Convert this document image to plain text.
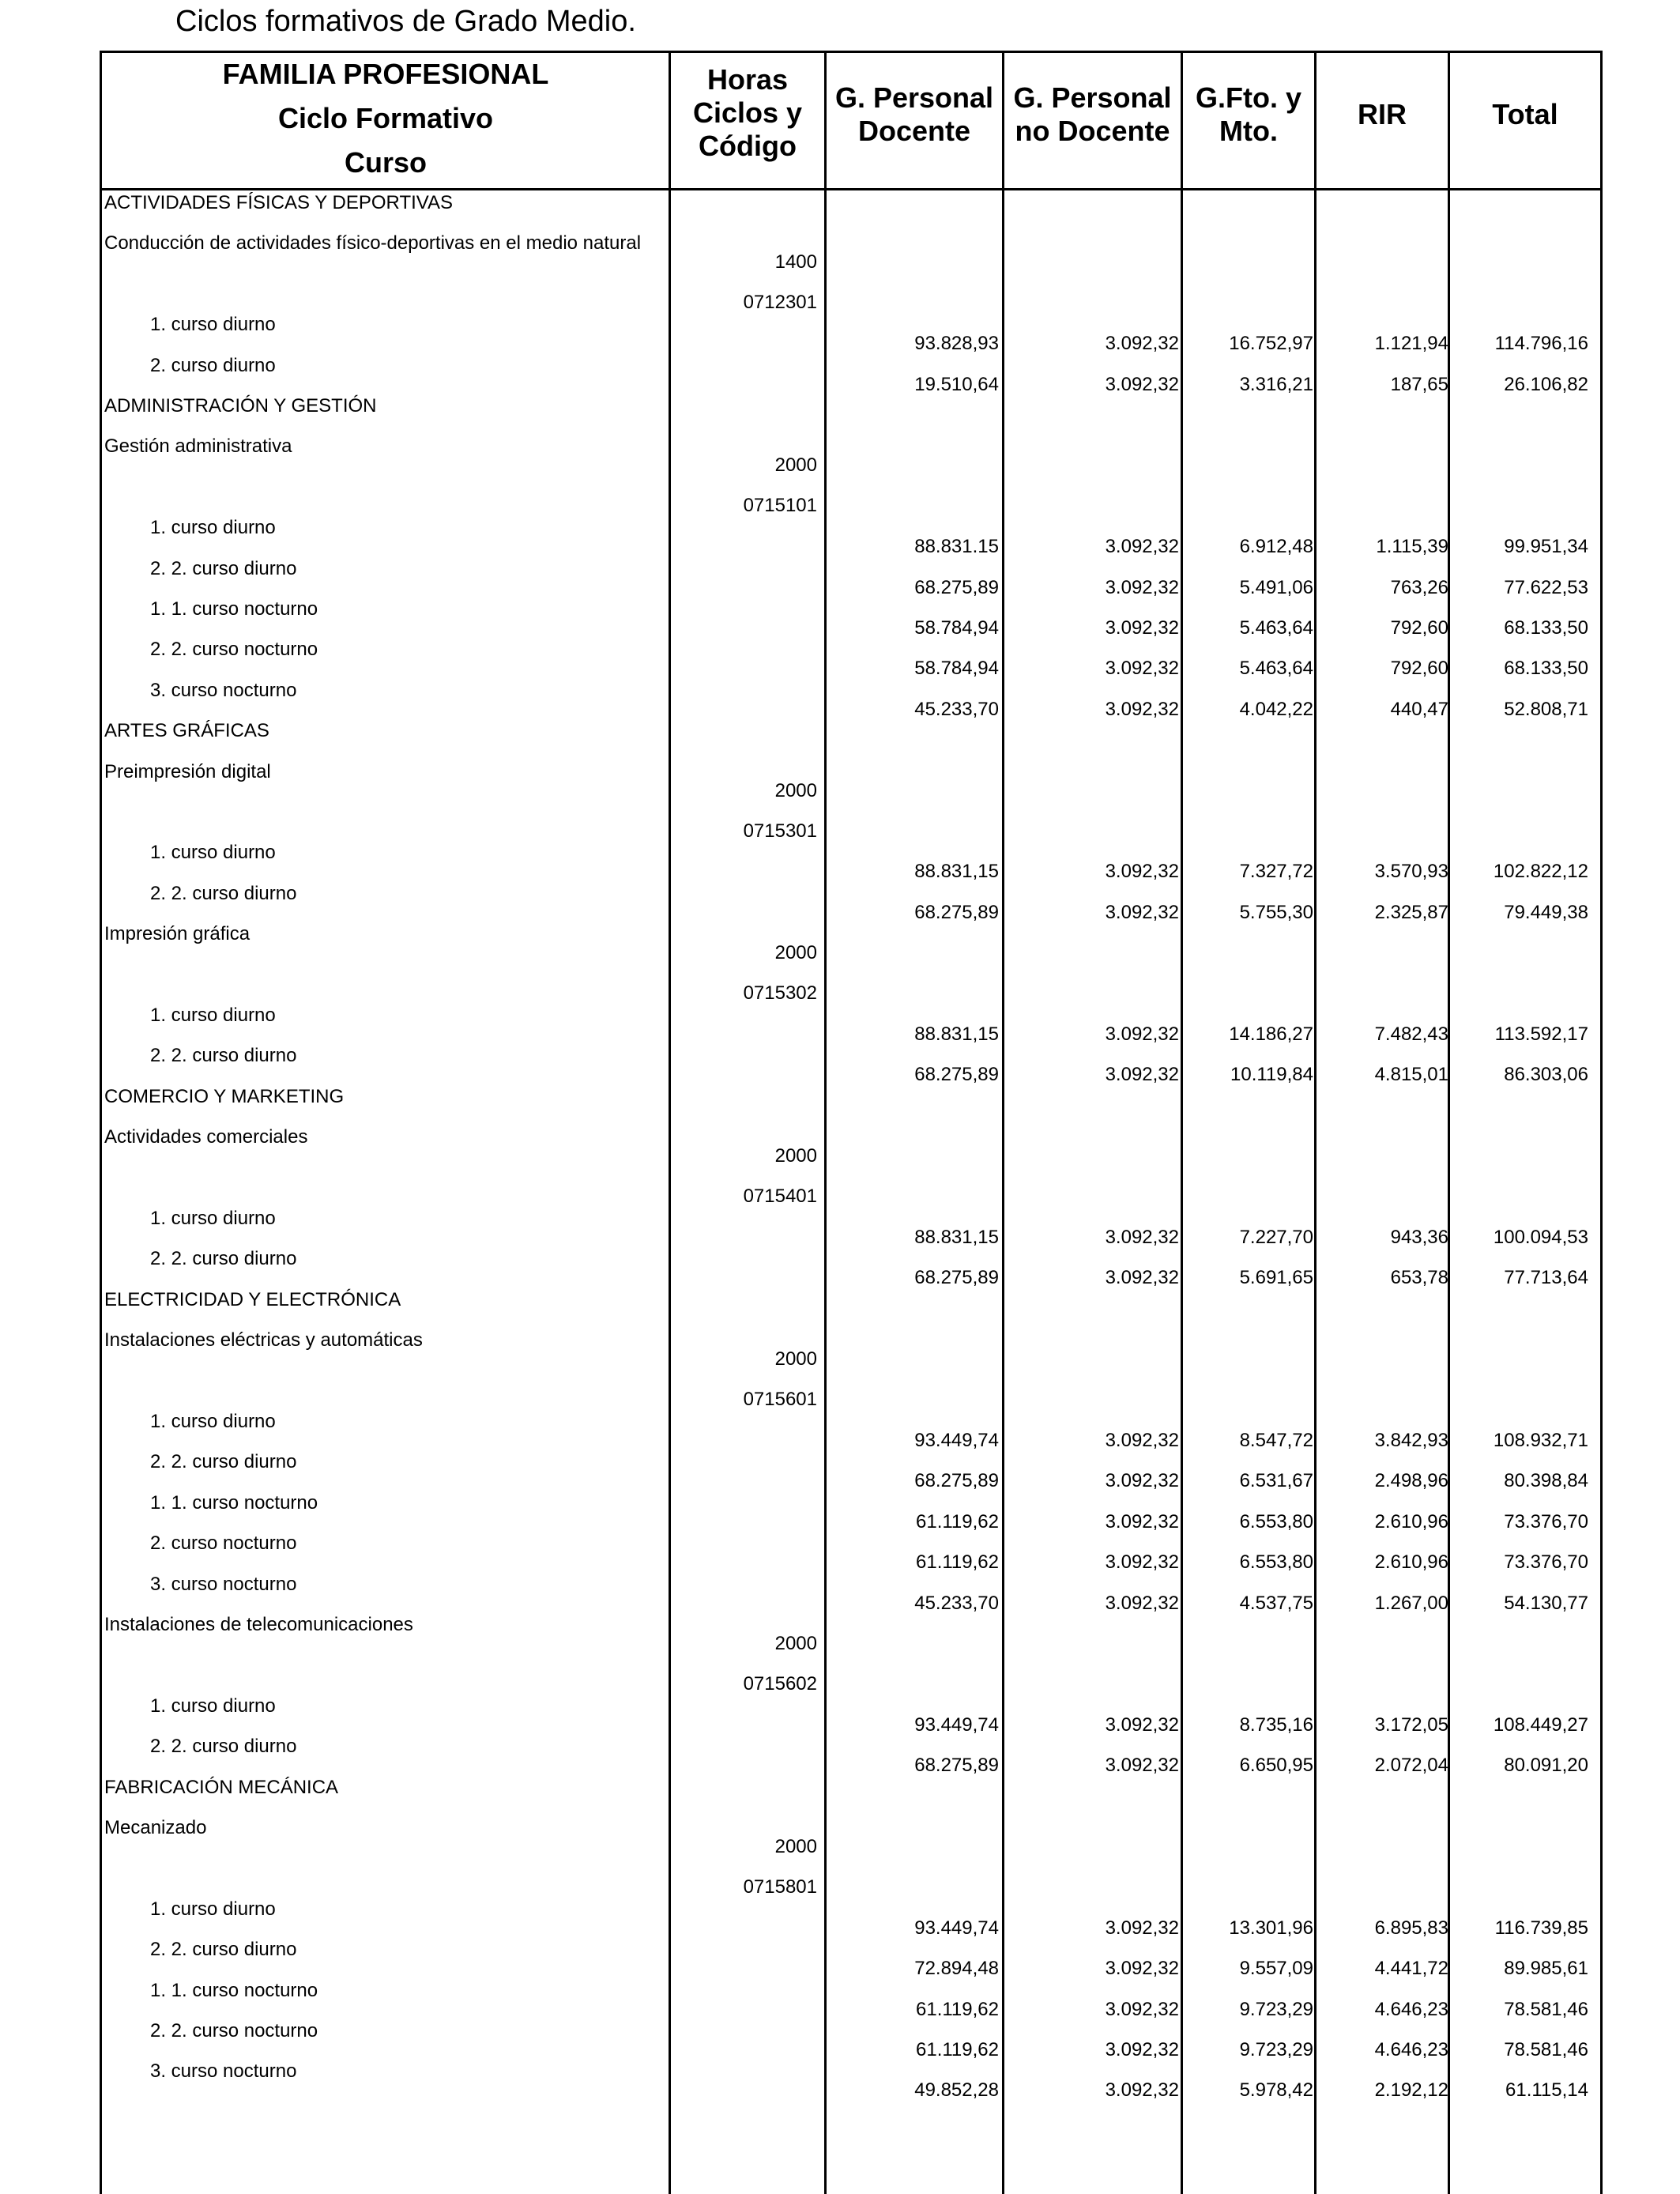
Ciclos formativos de Grado Medio.
FAMILIA PROFESIONAL
Ciclo Formativo
Curso
Horas
Ciclos y
Código
G. Personal
Docente
G. Personal
no Docente
G.Fto. y
Mto.
RIR	Total
ACTIVIDADES FÍSICAS Y DEPORTIVAS
Conducción de actividades físico-deportivas en el medio natural
1400
0712301
1. curso diurno
93.828,93	3.092,32	16.752,97	1.121,94 114.796,16
2. curso diurno
19.510,64	3.092,32	3.316,21	187,65	26.106,82
ADMINISTRACIÓN Y GESTIÓN
Gestión administrativa
2000
0715101
1. curso diurno
88.831.15	3.092,32	6.912,48	1.115,39	99.951,34
2. 2. curso diurno
68.275,89	3.092,32	5.491,06	763,26	77.622,53
1. 1. curso nocturno
58.784,94	3.092,32	5.463,64	792,60	68.133,50
2. 2. curso nocturno
58.784,94	3.092,32	5.463,64	792,60	68.133,50
3. curso nocturno
45.233,70	3.092,32	4.042,22	440,47	52.808,71
ARTES GRÁFICAS
Preimpresión digital
2000
0715301
1. curso diurno
88.831,15	3.092,32	7.327,72	3.570,93 102.822,12
2. 2. curso diurno
68.275,89	3.092,32	5.755,30	2.325,87	79.449,38
Impresión gráfica
2000
0715302
1. curso diurno
88.831,15	3.092,32	14.186,27	7.482,43 113.592,17
2. 2. curso diurno
68.275,89	3.092,32	10.119,84	4.815,01	86.303,06
COMERCIO Y MARKETING
Actividades comerciales
2000
0715401
1. curso diurno
88.831,15	3.092,32	7.227,70	943,36 100.094,53
2. 2. curso diurno
68.275,89	3.092,32	5.691,65	653,78	77.713,64
ELECTRICIDAD Y ELECTRÓNICA
Instalaciones eléctricas y automáticas
2000
0715601
1. curso diurno
93.449,74	3.092,32	8.547,72	3.842,93 108.932,71
2. 2. curso diurno
68.275,89	3.092,32	6.531,67	2.498,96	80.398,84
1. 1. curso nocturno
61.119,62	3.092,32	6.553,80	2.610,96	73.376,70
2. curso nocturno
61.119,62	3.092,32	6.553,80	2.610,96	73.376,70
3. curso nocturno
45.233,70	3.092,32	4.537,75	1.267,00	54.130,77
Instalaciones de telecomunicaciones
2000
0715602
1. curso diurno
93.449,74	3.092,32	8.735,16	3.172,05 108.449,27
2. 2. curso diurno
68.275,89	3.092,32	6.650,95	2.072,04	80.091,20
FABRICACIÓN MECÁNICA
Mecanizado
2000
0715801
1. curso diurno
93.449,74	3.092,32	13.301,96	6.895,83 116.739,85
2. 2. curso diurno
72.894,48	3.092,32	9.557,09	4.441,72	89.985,61
1. 1. curso nocturno
61.119,62	3.092,32	9.723,29	4.646,23	78.581,46
2. 2. curso nocturno
61.119,62	3.092,32	9.723,29	4.646,23	78.581,46
3. curso nocturno
49.852,28	3.092,32	5.978,42	2.192,12	61.115,14
